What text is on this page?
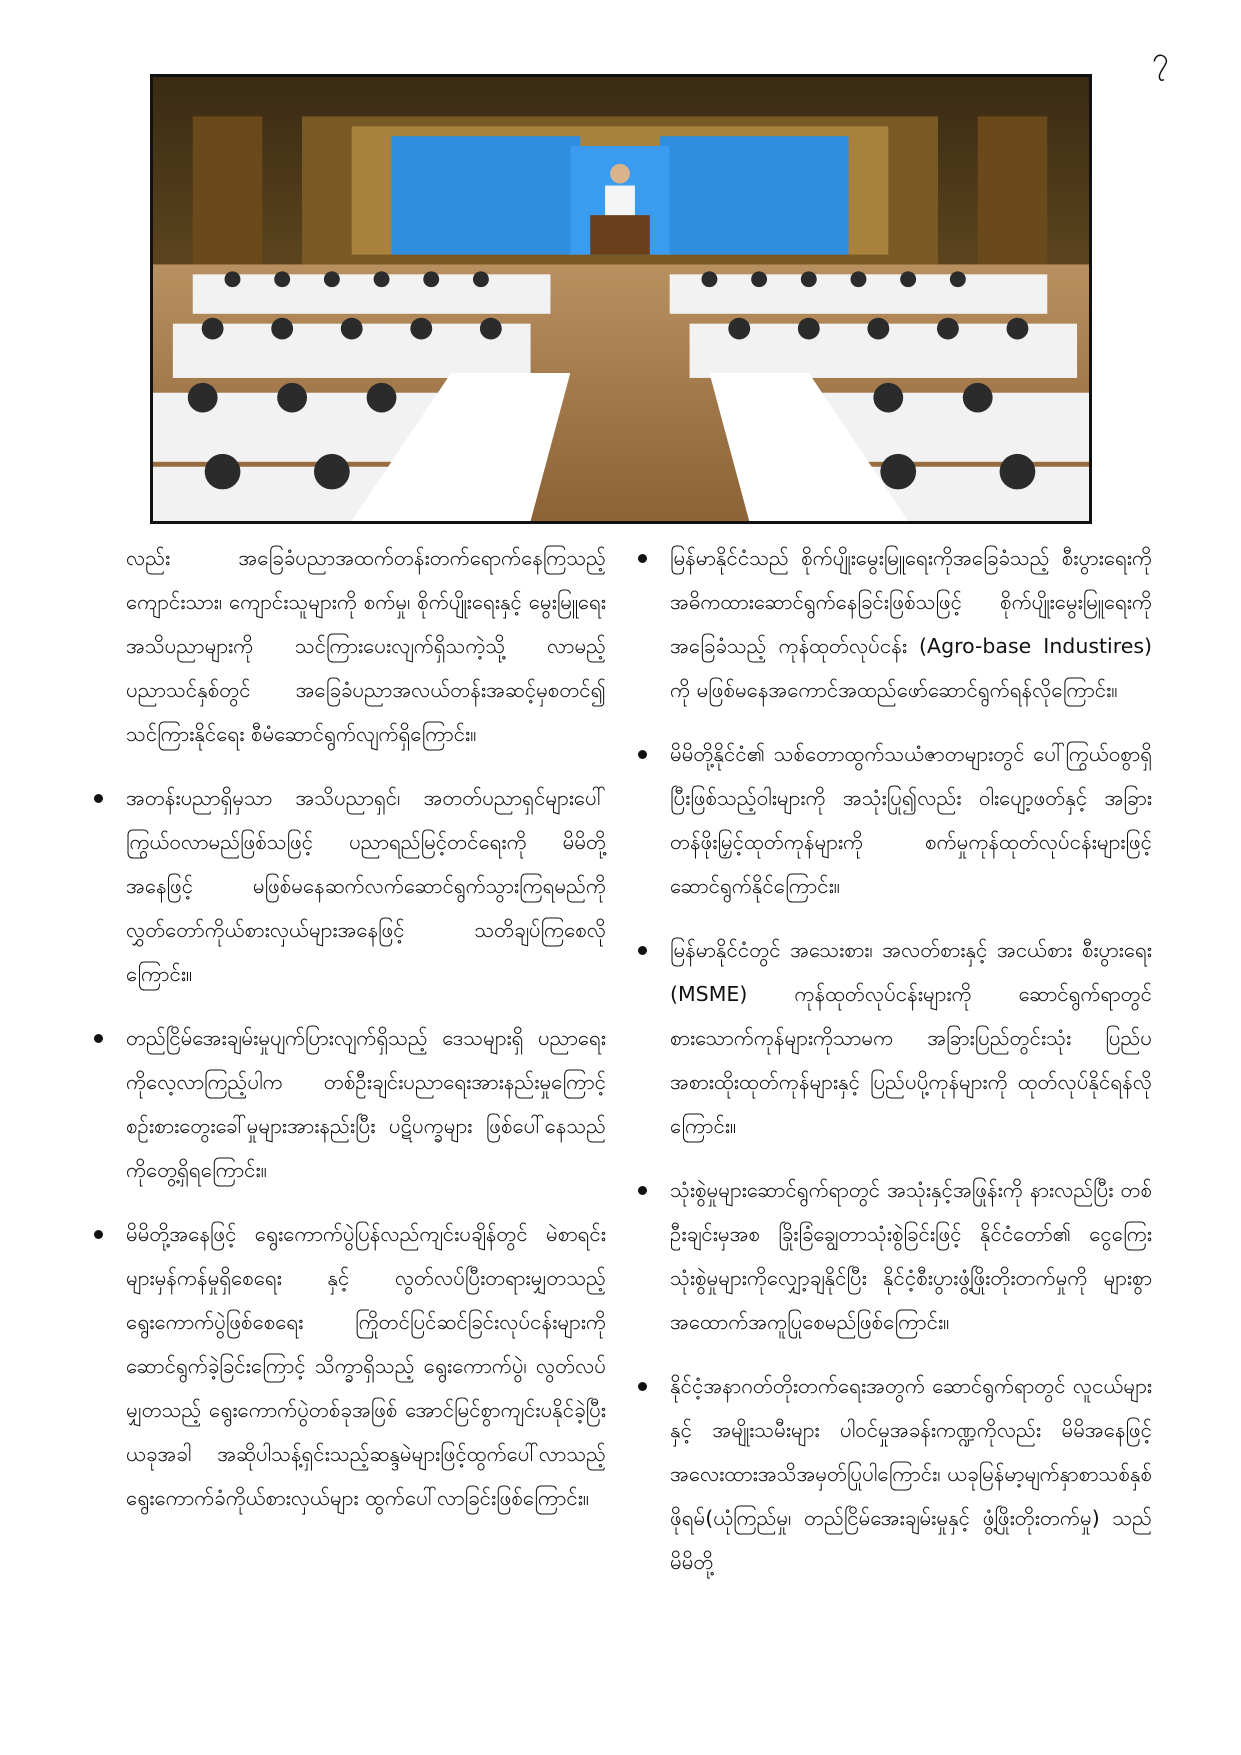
၇

လည်း အခြေခံပညာအထက်တန်းတက်ရောက်နေကြသည့် ကျောင်းသား၊ ကျောင်းသူများကို စက်မှု၊ စိုက်ပျိုးရေးနှင့် မွေးမြူရေးအသိပညာများကို သင်ကြားပေးလျက်ရှိသကဲ့သို့ လာမည့်ပညာသင်နှစ်တွင် အခြေခံပညာအလယ်တန်းအဆင့်မှစတင်၍ သင်ကြားနိုင်ရေး စီမံဆောင်ရွက်လျက်ရှိကြောင်း။

အတန်းပညာရှိမှသာ အသိပညာရှင်၊ အတတ်ပညာရှင်များပေါ်ကြွယ်ဝလာမည်ဖြစ်သဖြင့် ပညာရည်မြင့်တင်ရေးကို မိမိတို့အနေဖြင့် မဖြစ်မနေဆက်လက်ဆောင်ရွက်သွားကြရမည်ကို လွှတ်တော်ကိုယ်စားလှယ်များအနေဖြင့် သတိချပ်ကြစေလိုကြောင်း။

တည်ငြိမ်အေးချမ်းမှုပျက်ပြားလျက်ရှိသည့် ဒေသများရှိ ပညာရေးကိုလေ့လာကြည့်ပါက တစ်ဦးချင်းပညာရေးအားနည်းမှုကြောင့် စဉ်းစားတွေးခေါ်မှုများအားနည်းပြီး ပဋိပက္ခများ ဖြစ်ပေါ်နေသည်ကိုတွေ့ရှိရကြောင်း။

မိမိတို့အနေဖြင့် ရွေးကောက်ပွဲပြန်လည်ကျင်းပချိန်တွင် မဲစာရင်းများမှန်ကန်မှုရှိစေရေး နှင့် လွတ်လပ်ပြီးတရားမျှတသည့် ရွေးကောက်ပွဲဖြစ်စေရေး ကြိုတင်ပြင်ဆင်ခြင်းလုပ်ငန်းများကို ဆောင်ရွက်ခဲ့ခြင်းကြောင့် သိက္ခာရှိသည့် ရွေးကောက်ပွဲ၊ လွတ်လပ်မျှတသည့် ရွေးကောက်ပွဲတစ်ခုအဖြစ် အောင်မြင်စွာကျင်းပနိုင်ခဲ့ပြီး ယခုအခါ အဆိုပါသန့်ရှင်းသည့်ဆန္ဒမဲများဖြင့်ထွက်ပေါ်လာသည့် ရွေးကောက်ခံကိုယ်စားလှယ်များ ထွက်ပေါ်လာခြင်းဖြစ်ကြောင်း။

မြန်မာနိုင်ငံသည် စိုက်ပျိုးမွေးမြူရေးကိုအခြေခံသည့် စီးပွားရေးကို အဓိကထားဆောင်ရွက်နေခြင်းဖြစ်သဖြင့် စိုက်ပျိုးမွေးမြူရေးကိုအခြေခံသည့် ကုန်ထုတ်လုပ်ငန်း (Agro-base Industires) ကို မဖြစ်မနေအကောင်အထည်ဖော်ဆောင်ရွက်ရန်လိုကြောင်း။

မိမိတို့နိုင်ငံ၏ သစ်တောထွက်သယံဇာတများတွင် ပေါ်ကြွယ်ဝစွာရှိပြီးဖြစ်သည့်ဝါးများကို အသုံးပြု၍လည်း ဝါးပျော့ဖတ်နှင့် အခြားတန်ဖိုးမြှင့်ထုတ်ကုန်များကို စက်မှုကုန်ထုတ်လုပ်ငန်းများဖြင့် ဆောင်ရွက်နိုင်ကြောင်း။

မြန်မာနိုင်ငံတွင် အသေးစား၊ အလတ်စားနှင့် အငယ်စား စီးပွားရေး (MSME) ကုန်ထုတ်လုပ်ငန်းများကို ဆောင်ရွက်ရာတွင် စားသောက်ကုန်များကိုသာမက အခြားပြည်တွင်းသုံး ပြည်ပအစားထိုးထုတ်ကုန်များနှင့် ပြည်ပပို့ကုန်များကို ထုတ်လုပ်နိုင်ရန်လိုကြောင်း။

သုံးစွဲမှုများဆောင်ရွက်ရာတွင် အသုံးနှင့်အဖြုန်းကို နားလည်ပြီး တစ်ဦးချင်းမှအစ ခြိုးခြံချွေတာသုံးစွဲခြင်းဖြင့် နိုင်ငံတော်၏ ငွေကြေးသုံးစွဲမှုများကိုလျှော့ချနိုင်ပြီး နိုင်ငံ့စီးပွားဖွံ့ဖြိုးတိုးတက်မှုကို များစွာအထောက်အကူပြုစေမည်ဖြစ်ကြောင်း။

နိုင်ငံ့အနာဂတ်တိုးတက်ရေးအတွက် ဆောင်ရွက်ရာတွင် လူငယ်များနှင့် အမျိုးသမီးများ ပါဝင်မှုအခန်းကဏ္ဍကိုလည်း မိမိအနေဖြင့် အလေးထားအသိအမှတ်ပြုပါကြောင်း၊ ယခုမြန်မာ့မျက်နှာစာသစ်နှစ်ဖိုရမ်(ယုံကြည်မှု၊ တည်ငြိမ်အေးချမ်းမှုနှင့် ဖွံ့ဖြိုးတိုးတက်မှု) သည် မိမိတို့
